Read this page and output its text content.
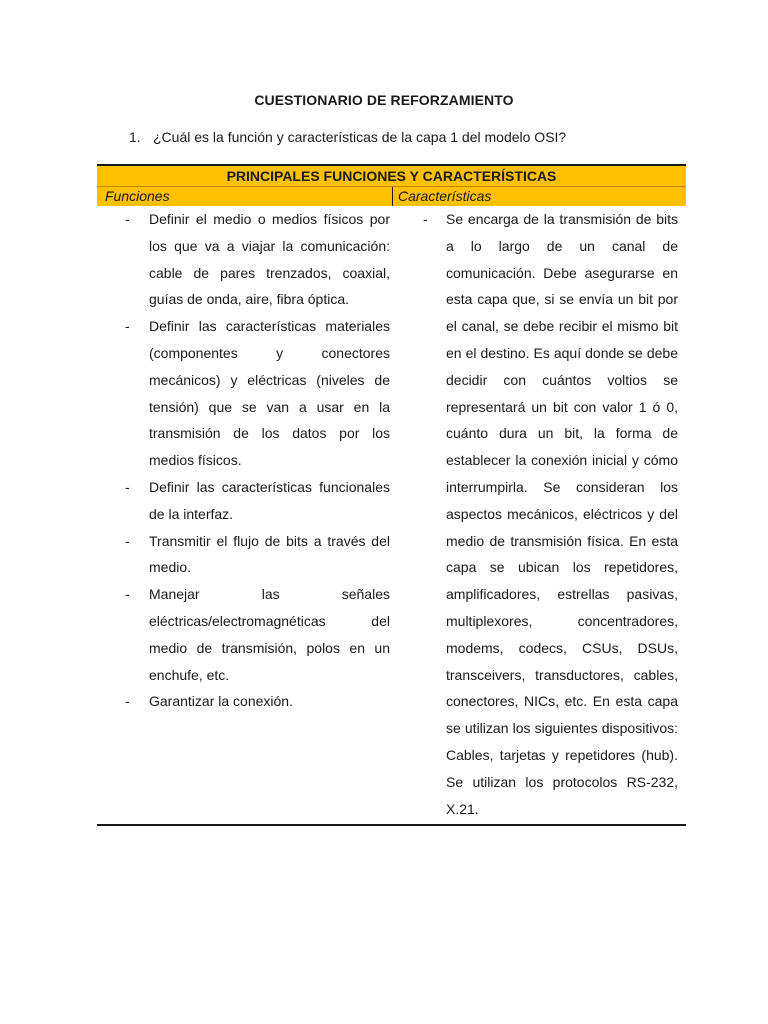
CUESTIONARIO DE REFORZAMIENTO
1. ¿Cuál es la función y características de la capa 1 del modelo OSI?
PRINCIPALES FUNCIONES Y CARACTERÍSTICAS
Funciones	Características
- Definir el medio o medios físicos por los que va a viajar la comunicación: cable de pares trenzados, coaxial, guías de onda, aire, fibra óptica.
- Definir las características materiales (componentes y conectores mecánicos) y eléctricas (niveles de tensión) que se van a usar en la transmisión de los datos por los medios físicos.
- Definir las características funcionales de la interfaz.
- Transmitir el flujo de bits a través del medio.
- Manejar las señales eléctricas/electromagnéticas del medio de transmisión, polos en un enchufe, etc.
- Garantizar la conexión.
- Se encarga de la transmisión de bits a lo largo de un canal de comunicación. Debe asegurarse en esta capa que, si se envía un bit por el canal, se debe recibir el mismo bit en el destino. Es aquí donde se debe decidir con cuántos voltios se representará un bit con valor 1 ó 0, cuánto dura un bit, la forma de establecer la conexión inicial y cómo interrumpirla. Se consideran los aspectos mecánicos, eléctricos y del medio de transmisión física. En esta capa se ubican los repetidores, amplificadores, estrellas pasivas, multiplexores, concentradores, modems, codecs, CSUs, DSUs, transceivers, transductores, cables, conectores, NICs, etc. En esta capa se utilizan los siguientes dispositivos: Cables, tarjetas y repetidores (hub). Se utilizan los protocolos RS-232, X.21.
